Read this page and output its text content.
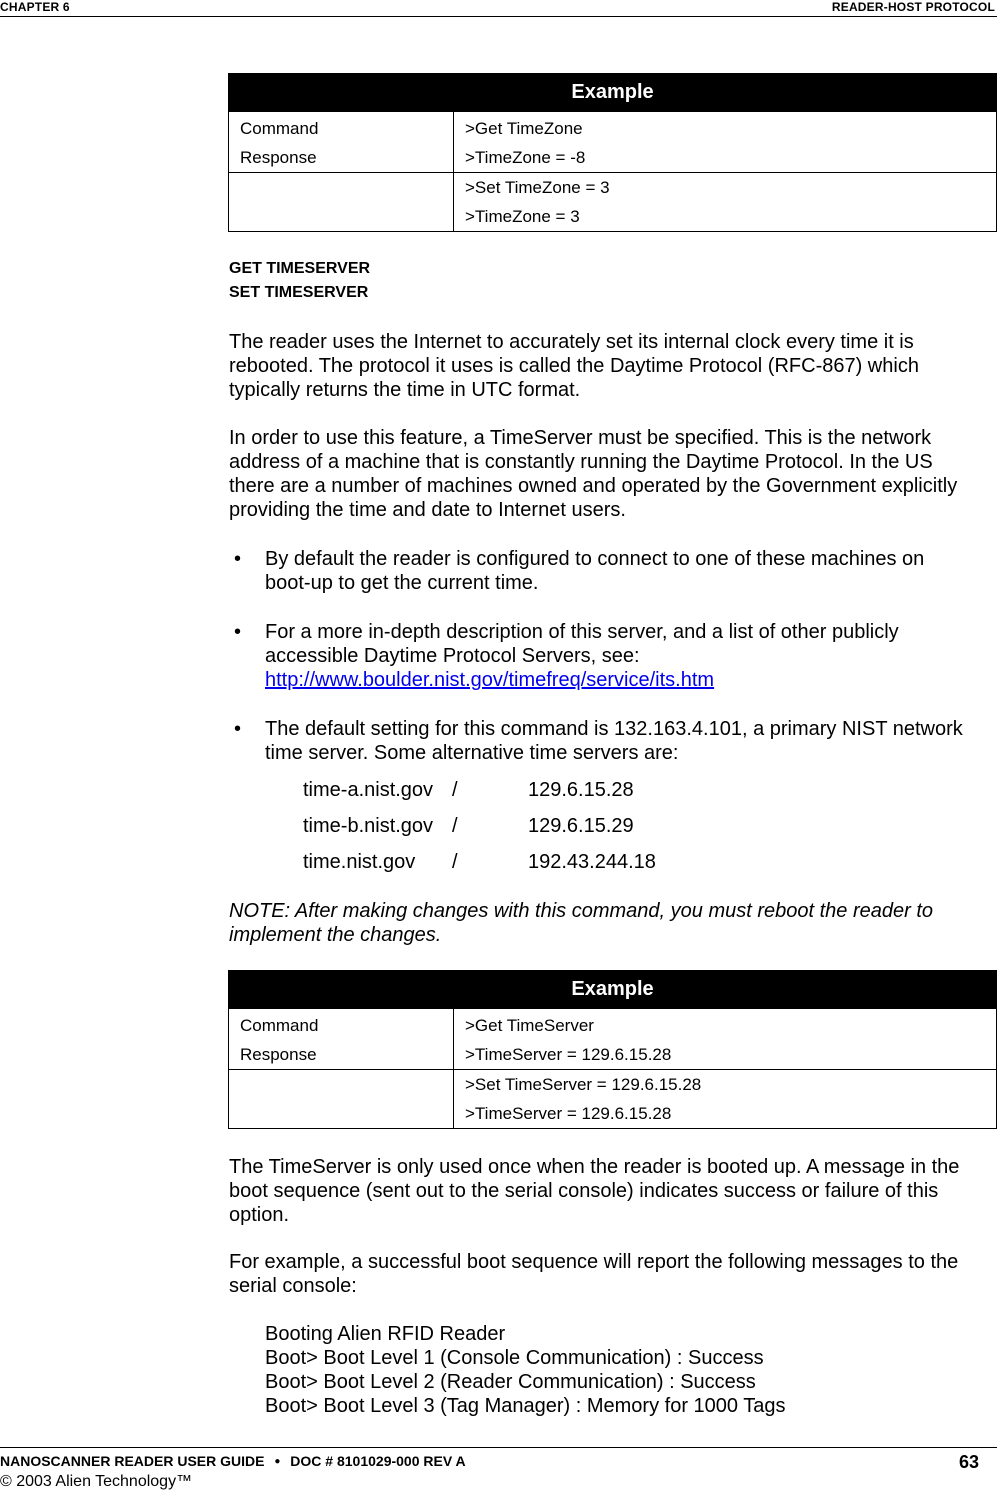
CHAPTER 6	READER-HOST PROTOCOL
Example	
Command	>Get TimeZone
Response	>TimeZone = -8
	>Set TimeZone = 3
	>TimeZone = 3
GET TIMESERVER
SET TIMESERVER

The reader uses the Internet to accurately set its internal clock every time it is rebooted. The protocol it uses is called the Daytime Protocol (RFC-867) which typically returns the time in UTC format.

In order to use this feature, a TimeServer must be specified. This is the network address of a machine that is constantly running the Daytime Protocol. In the US there are a number of machines owned and operated by the Government explicitly providing the time and date to Internet users.

• By default the reader is configured to connect to one of these machines on boot-up to get the current time.

• For a more in-depth description of this server, and a list of other publicly accessible Daytime Protocol Servers, see:

http://www.boulder.nist.gov/timefreq/service/its.htm
• The default setting for this command is 132.163.4.101, a primary NIST network time server. Some alternative time servers are:

time-a.nist.gov /	129.6.15.28
time-b.nist.gov /	129.6.15.29
time.nist.gov /	192.43.244.18

NOTE: After making changes with this command, you must reboot the reader to implement the changes.

Example	
Command	>Get TimeServer
Response	>TimeServer = 129.6.15.28
	>Set TimeServer = 129.6.15.28
	>TimeServer = 129.6.15.28

The TimeServer is only used once when the reader is booted up. A message in the boot sequence (sent out to the serial console) indicates success or failure of this option.

For example, a successful boot sequence will report the following messages to the serial console:

Booting Alien RFID Reader

Boot> Boot Level 1 (Console Communication) : Success

Boot> Boot Level 2 (Reader Communication) : Success

Boot> Boot Level 3 (Tag Manager) : Memory for 1000 Tags

NANOSCANNER READER USER GUIDE ● DOC # 8101029-000 REV A	63
© 2003 Alien Technology™
